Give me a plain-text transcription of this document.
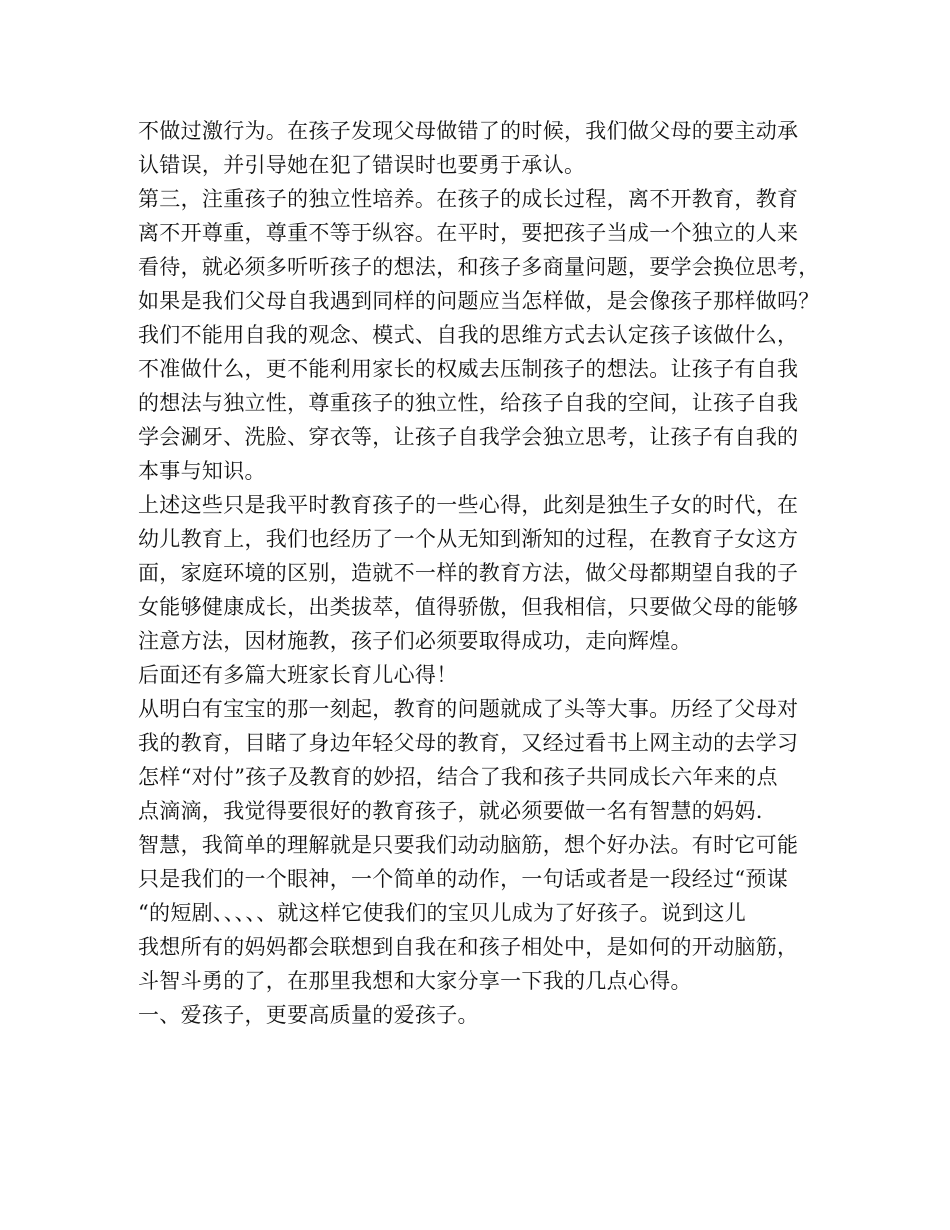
不做过激行为。在孩子发现父母做错了的时候，我们做父母的要主动承
认错误，并引导她在犯了错误时也要勇于承认。
第三，注重孩子的独立性培养。在孩子的成长过程，离不开教育，教育
离不开尊重，尊重不等于纵容。在平时，要把孩子当成一个独立的人来
看待，就必须多听听孩子的想法，和孩子多商量问题，要学会换位思考，
如果是我们父母自我遇到同样的问题应当怎样做，是会像孩子那样做吗？
我们不能用自我的观念、模式、自我的思维方式去认定孩子该做什么，
不准做什么，更不能利用家长的权威去压制孩子的想法。让孩子有自我
的想法与独立性，尊重孩子的独立性，给孩子自我的空间，让孩子自我
学会涮牙、洗脸、穿衣等，让孩子自我学会独立思考，让孩子有自我的
本事与知识。
上述这些只是我平时教育孩子的一些心得，此刻是独生子女的时代，在
幼儿教育上，我们也经历了一个从无知到渐知的过程，在教育子女这方
面，家庭环境的区别，造就不一样的教育方法，做父母都期望自我的子
女能够健康成长，出类拔萃，值得骄傲，但我相信，只要做父母的能够
注意方法，因材施教，孩子们必须要取得成功，走向辉煌。
后面还有多篇大班家长育儿心得！
从明白有宝宝的那一刻起，教育的问题就成了头等大事。历经了父母对
我的教育，目睹了身边年轻父母的教育，又经过看书上网主动的去学习
怎样“对付”孩子及教育的妙招，结合了我和孩子共同成长六年来的点
点滴滴，我觉得要很好的教育孩子，就必须要做一名有智慧的妈妈.
智慧，我简单的理解就是只要我们动动脑筋，想个好办法。有时它可能
只是我们的一个眼神，一个简单的动作，一句话或者是一段经过“预谋
“的短剧、、、、、就这样它使我们的宝贝儿成为了好孩子。说到这儿
我想所有的妈妈都会联想到自我在和孩子相处中，是如何的开动脑筋，
斗智斗勇的了，在那里我想和大家分享一下我的几点心得。
一、爱孩子，更要高质量的爱孩子。
